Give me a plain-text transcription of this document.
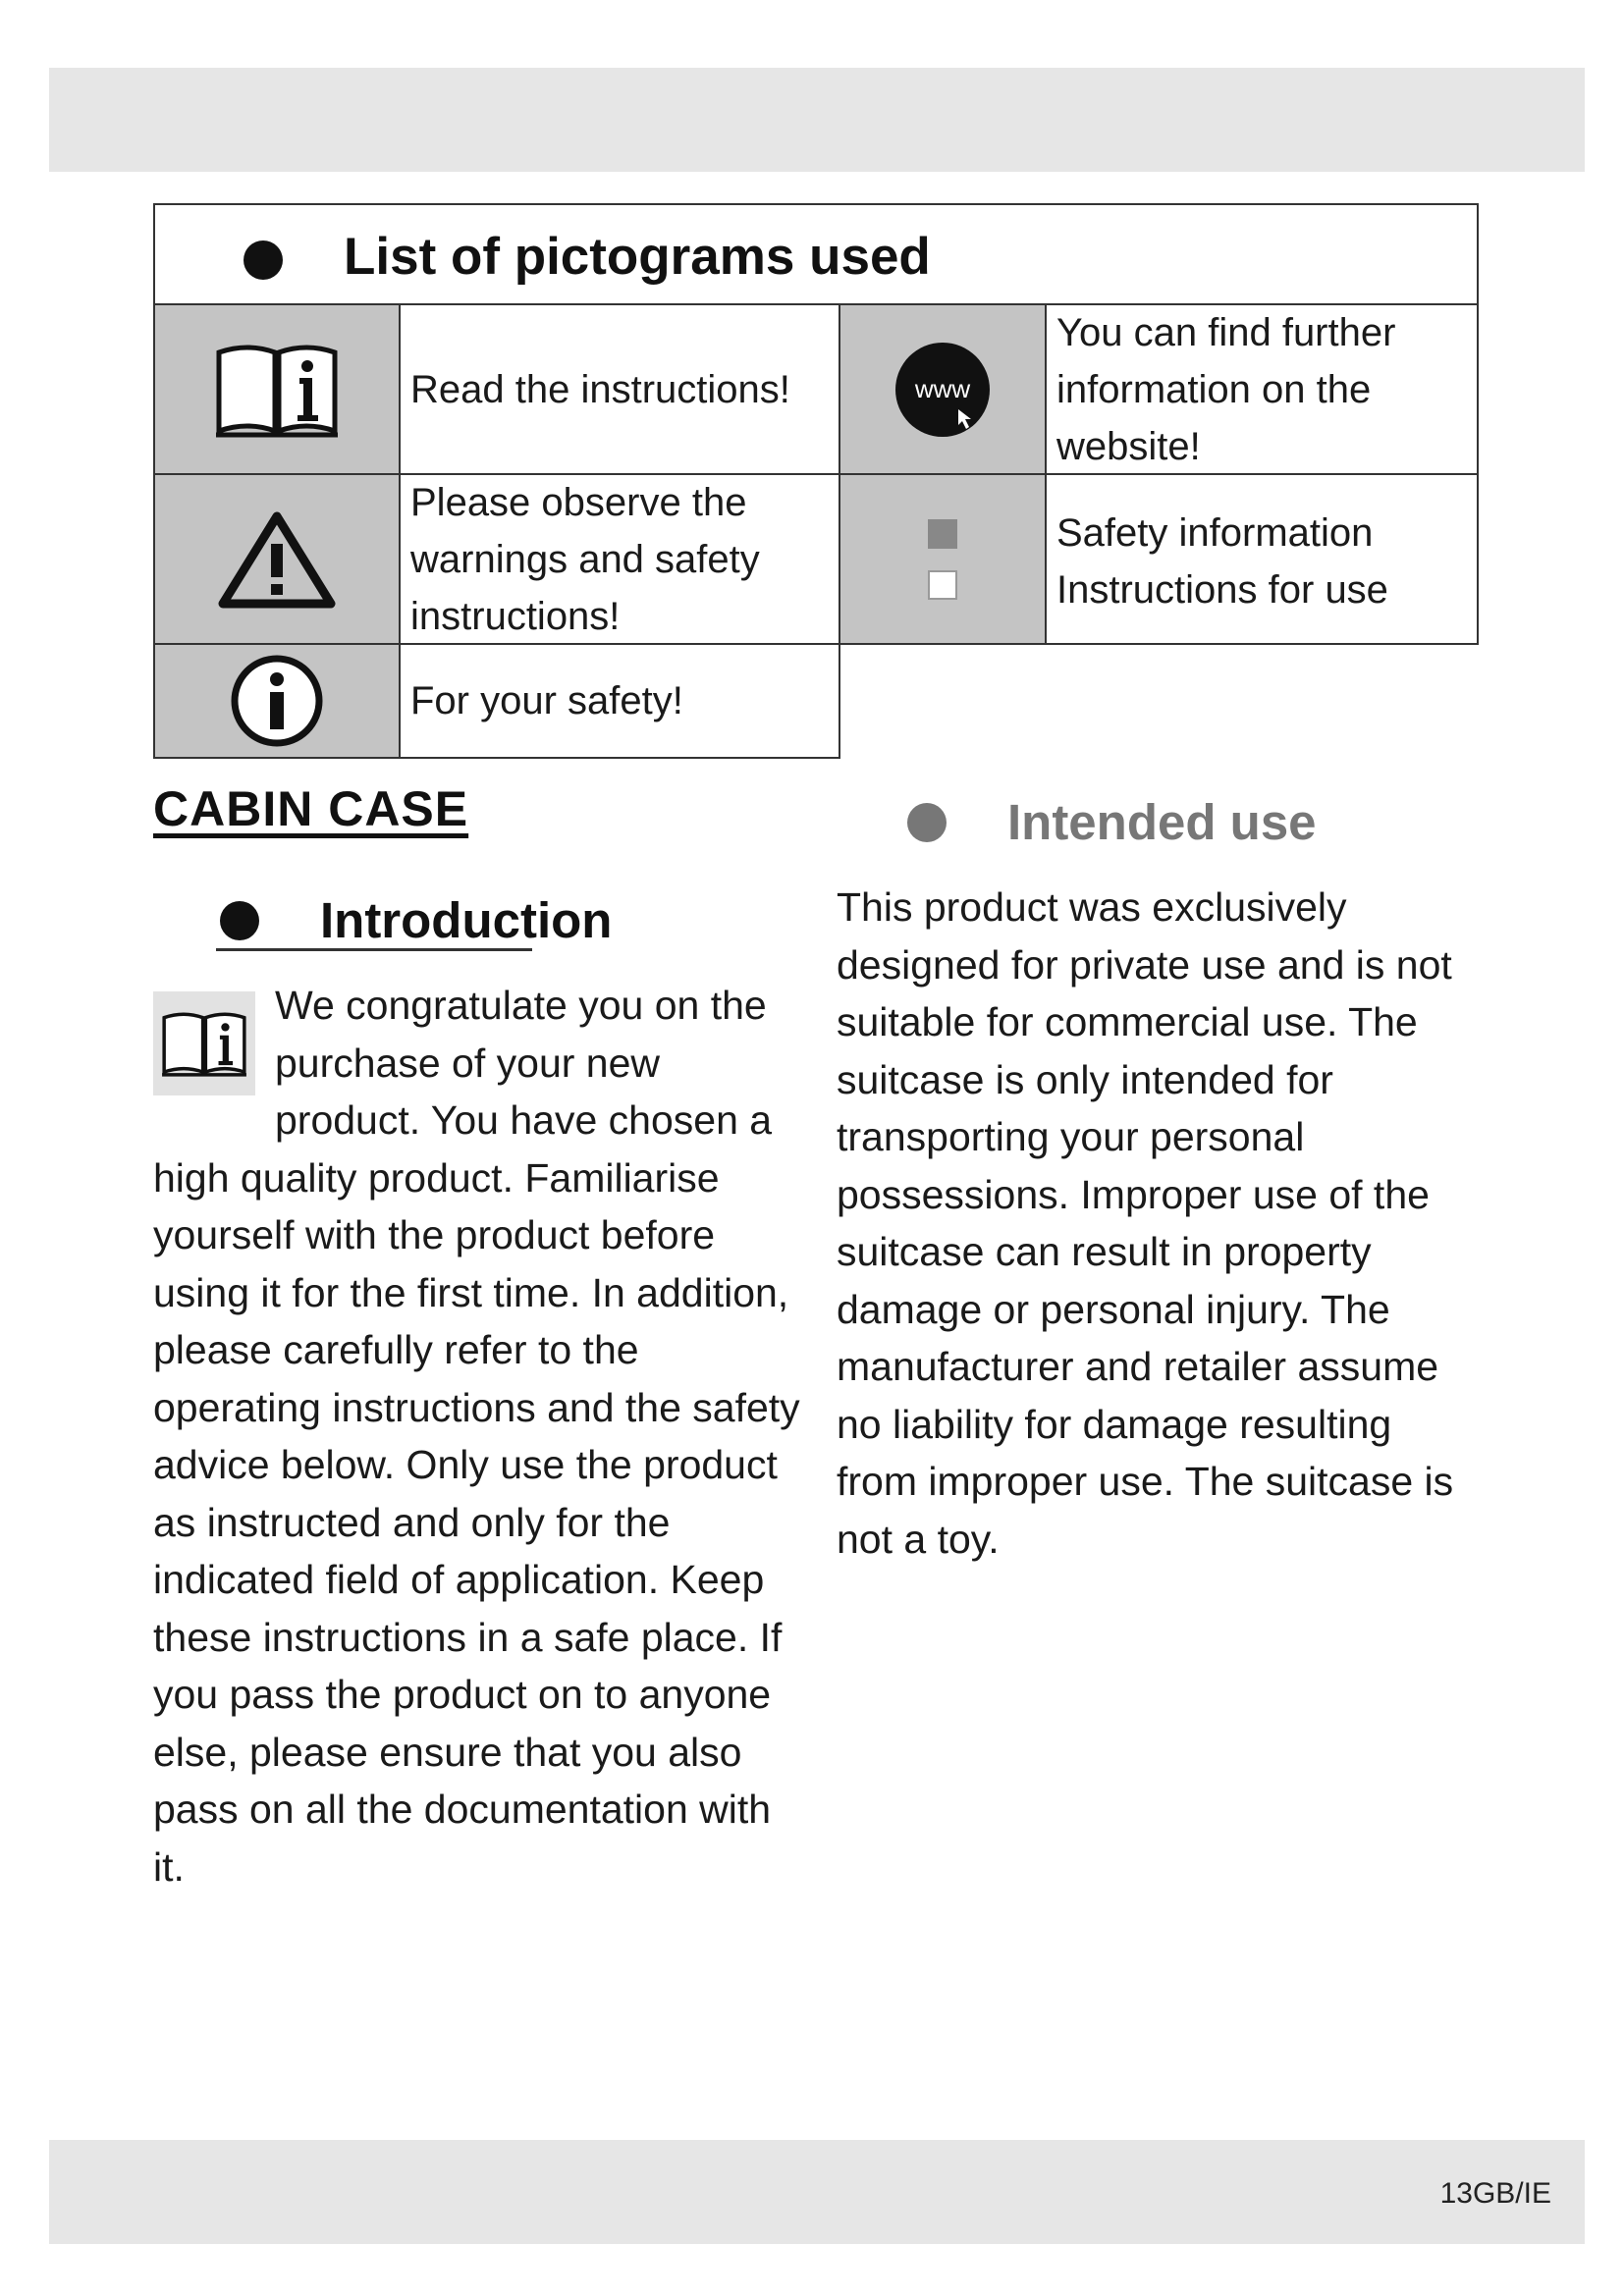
List of pictograms used
Read the instructions!	www
You can find further information on the website!
Please observe the warnings and safety instructions!
Safety information
Instructions for use
For your safety!
CABIN CASE
Introduction
We congratulate you on the purchase of your new product. You have chosen a high quality product. Familiarise yourself with the product before using it for the first time. In addition, please carefully refer to the operating instructions and the safety advice below. Only use the product as instructed and only for the indicated field of application. Keep these instructions in a safe place. If you pass the product on to anyone else, please ensure that you also pass on all the documentation with it.
Intended use
This product was exclusively designed for private use and is not suitable for commercial use. The suitcase is only intended for transporting your personal possessions. Improper use of the suitcase can result in property damage or personal injury. The manufacturer and retailer assume no liability for damage resulting from improper use. The suitcase is not a toy.
13GB/IE
